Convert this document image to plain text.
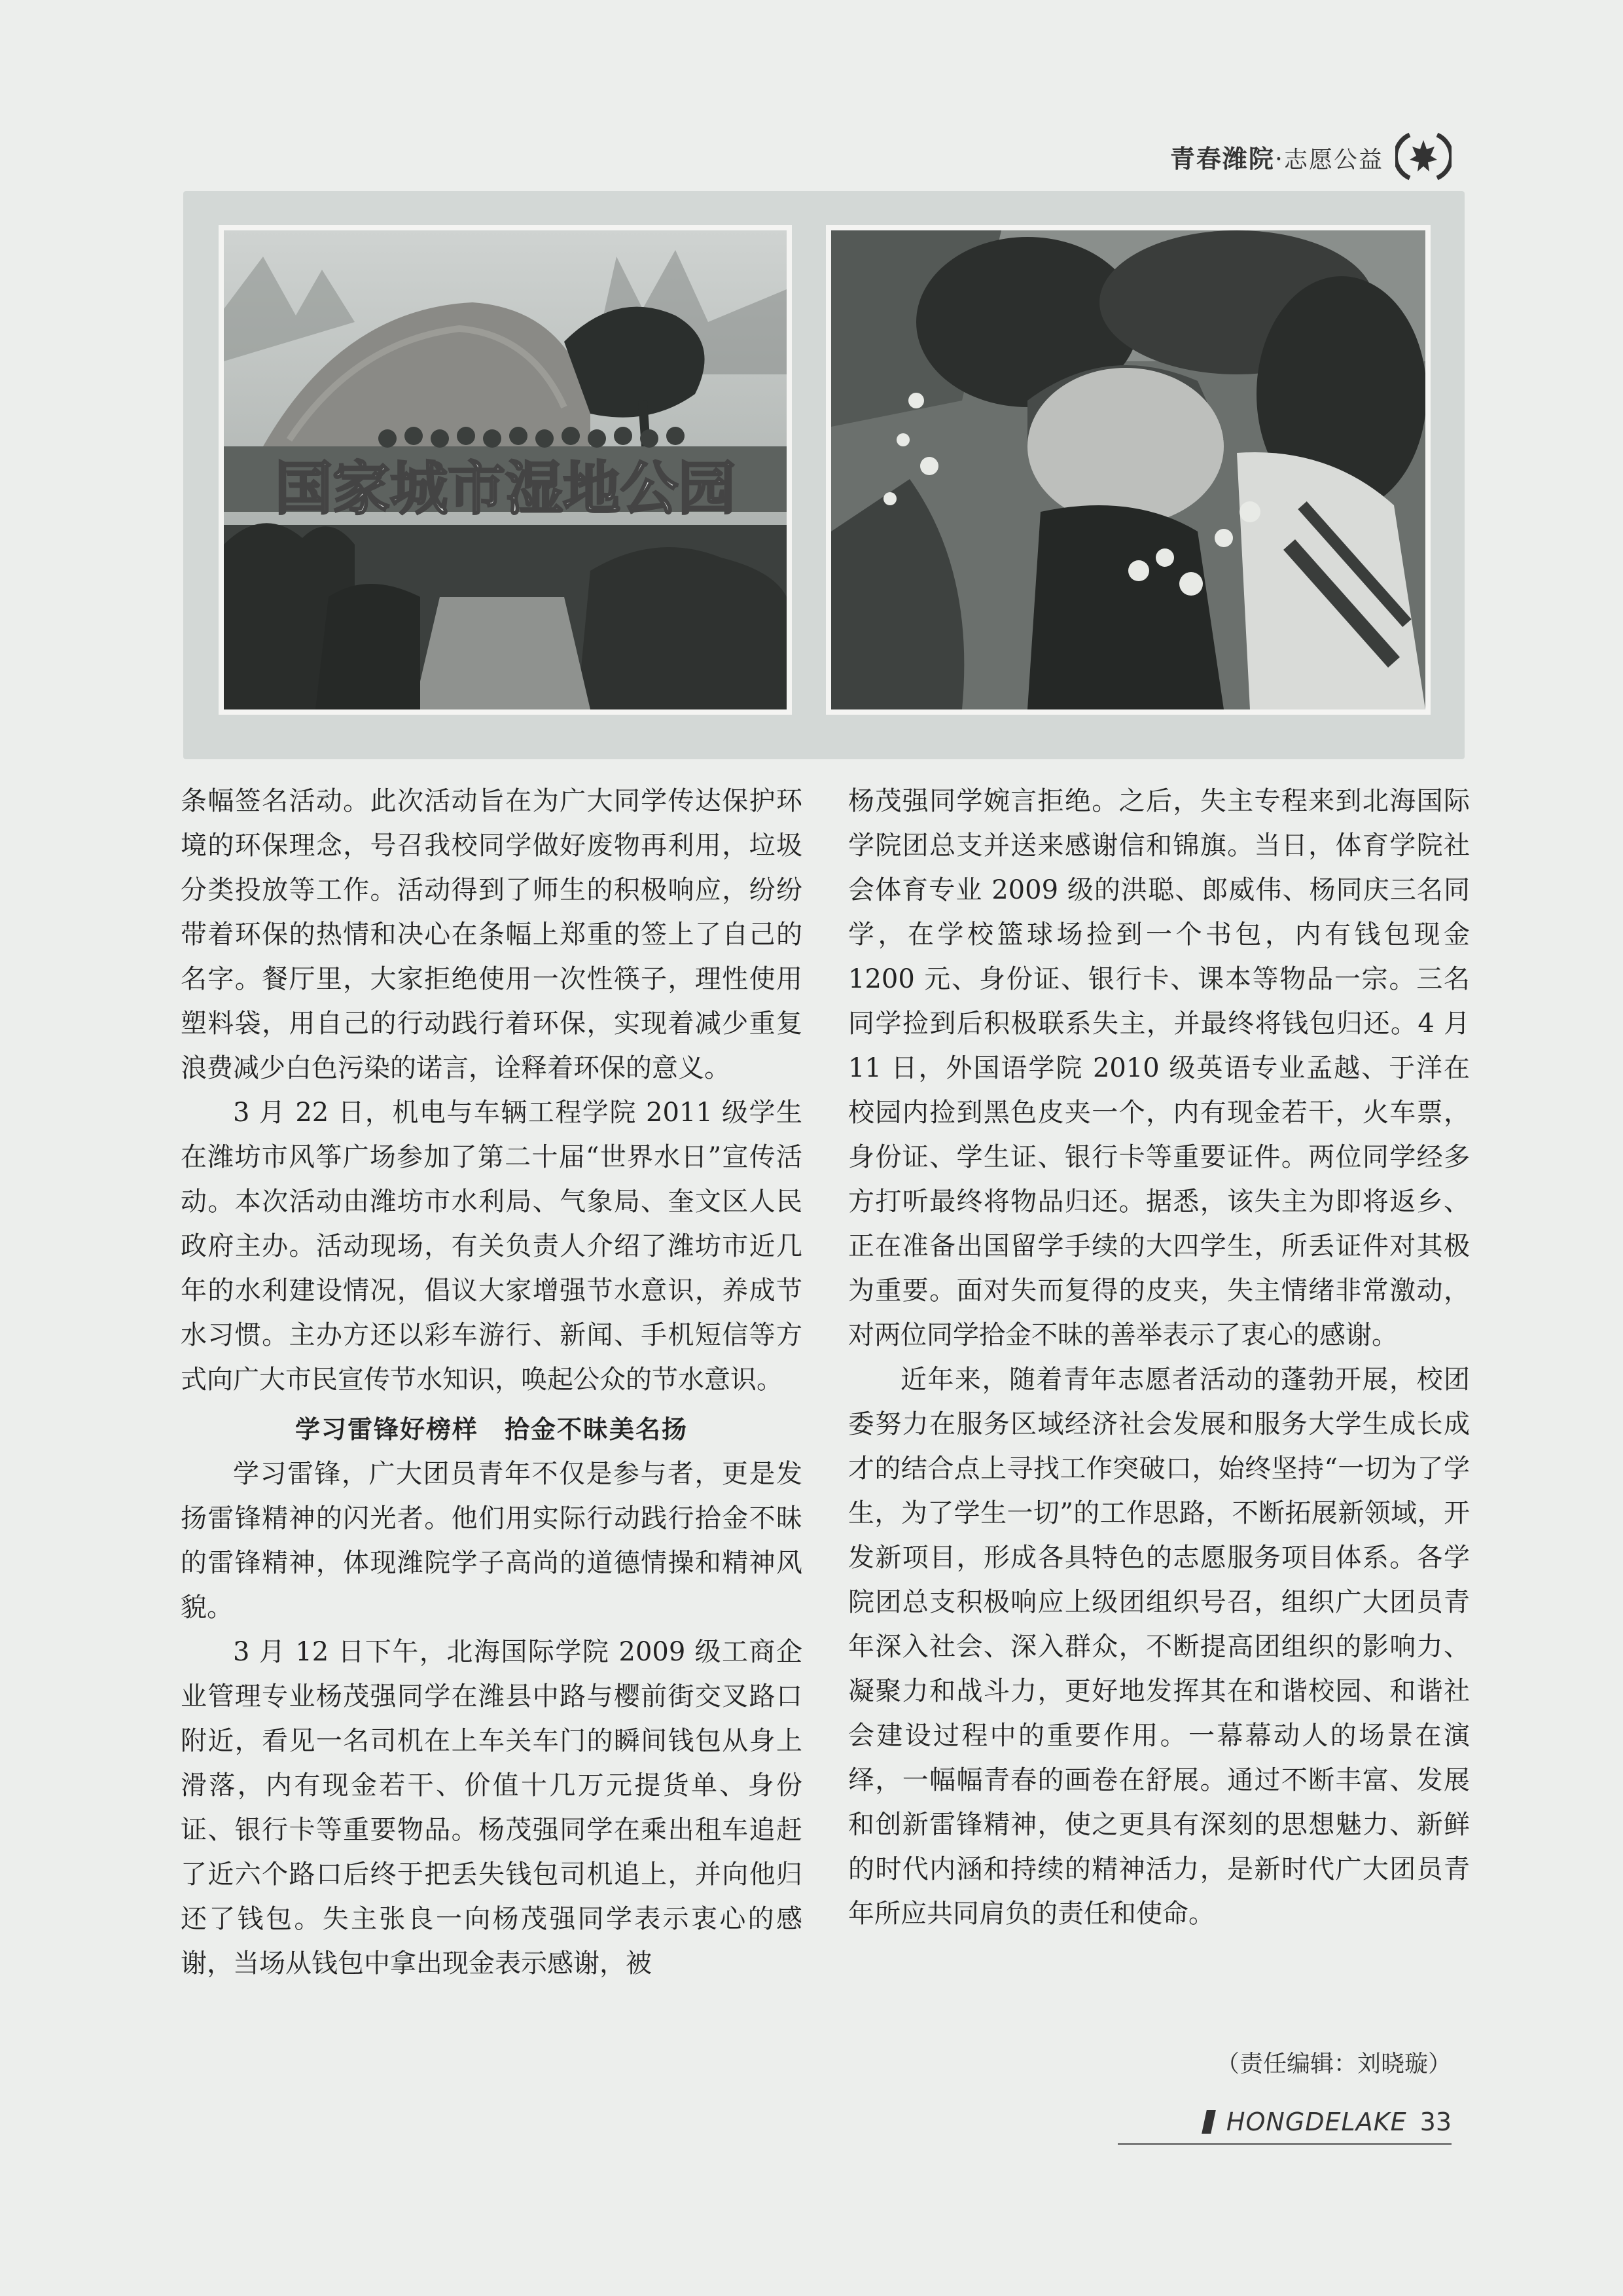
青春潍院·志愿公益
国家城市湿地公园

条幅签名活动。此次活动旨在为广大同学传达保护环境的环保理念，号召我校同学做好废物再利用，垃圾分类投放等工作。活动得到了师生的积极响应，纷纷带着环保的热情和决心在条幅上郑重的签上了自己的名字。餐厅里，大家拒绝使用一次性筷子，理性使用塑料袋，用自己的行动践行着环保，实现着减少重复浪费减少白色污染的诺言，诠释着环保的意义。

3 月 22 日，机电与车辆工程学院 2011 级学生在潍坊市风筝广场参加了第二十届“世界水日”宣传活动。本次活动由潍坊市水利局、气象局、奎文区人民政府主办。活动现场，有关负责人介绍了潍坊市近几年的水利建设情况，倡议大家增强节水意识，养成节水习惯。主办方还以彩车游行、新闻、手机短信等方式向广大市民宣传节水知识，唤起公众的节水意识。

学习雷锋好榜样　拾金不昧美名扬

学习雷锋，广大团员青年不仅是参与者，更是发扬雷锋精神的闪光者。他们用实际行动践行拾金不昧的雷锋精神，体现潍院学子高尚的道德情操和精神风貌。

3 月 12 日下午，北海国际学院 2009 级工商企业管理专业杨茂强同学在潍县中路与樱前街交叉路口附近，看见一名司机在上车关车门的瞬间钱包从身上滑落，内有现金若干、价值十几万元提货单、身份证、银行卡等重要物品。杨茂强同学在乘出租车追赶了近六个路口后终于把丢失钱包司机追上，并向他归还了钱包。失主张良一向杨茂强同学表示衷心的感谢，当场从钱包中拿出现金表示感谢，被

杨茂强同学婉言拒绝。之后，失主专程来到北海国际学院团总支并送来感谢信和锦旗。当日，体育学院社会体育专业 2009 级的洪聪、郎威伟、杨同庆三名同学，在学校篮球场捡到一个书包，内有钱包现金 1200 元、身份证、银行卡、课本等物品一宗。三名同学捡到后积极联系失主，并最终将钱包归还。4 月 11 日，外国语学院 2010 级英语专业孟越、于洋在校园内捡到黑色皮夹一个，内有现金若干，火车票，身份证、学生证、银行卡等重要证件。两位同学经多方打听最终将物品归还。据悉，该失主为即将返乡、正在准备出国留学手续的大四学生，所丢证件对其极为重要。面对失而复得的皮夹，失主情绪非常激动，对两位同学拾金不昧的善举表示了衷心的感谢。

近年来，随着青年志愿者活动的蓬勃开展，校团委努力在服务区域经济社会发展和服务大学生成长成才的结合点上寻找工作突破口，始终坚持“一切为了学生，为了学生一切”的工作思路，不断拓展新领域，开发新项目，形成各具特色的志愿服务项目体系。各学院团总支积极响应上级团组织号召，组织广大团员青年深入社会、深入群众，不断提高团组织的影响力、凝聚力和战斗力，更好地发挥其在和谐校园、和谐社会建设过程中的重要作用。一幕幕动人的场景在演绎，一幅幅青春的画卷在舒展。通过不断丰富、发展和创新雷锋精神，使之更具有深刻的思想魅力、新鲜的时代内涵和持续的精神活力，是新时代广大团员青年所应共同肩负的责任和使命。

（责任编辑：刘晓璇）
HONGDELAKE 33
